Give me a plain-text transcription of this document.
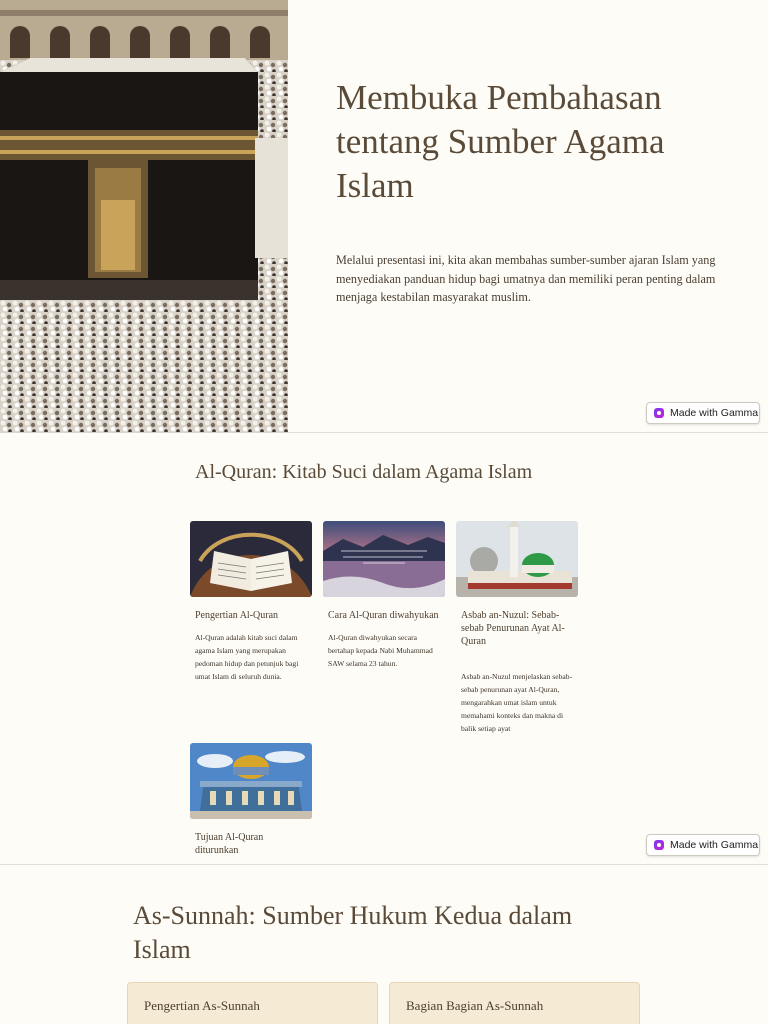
Membuka Pembahasan tentang Sumber Agama Islam

Melalui presentasi ini, kita akan membahas sumber-sumber ajaran Islam yang menyediakan panduan hidup bagi umatnya dan memiliki peran penting dalam menjaga kestabilan masyarakat muslim.

Made with Gamma
Al-Quran: Kitab Suci dalam Agama Islam
Pengertian Al-Quran
Al-Quran adalah kitab suci dalam agama Islam yang merupakan pedoman hidup dan petunjuk bagi umat Islam di seluruh dunia.
Cara Al-Quran diwahyukan
Al-Quran diwahyukan secara bertahap kepada Nabi Muhammad SAW selama 23 tahun.
Asbab an-Nuzul: Sebab-sebab Penurunan Ayat Al-Quran
Asbab an-Nuzul menjelaskan sebab-sebab penurunan ayat Al-Quran, mengarahkan umat islam untuk memahami konteks dan makna di balik setiap ayat
Tujuan Al-Quran diturunkan	Made with Gamma
As-Sunnah: Sumber Hukum Kedua dalam Islam
Pengertian As-Sunnah	Bagian Bagian As-Sunnah
